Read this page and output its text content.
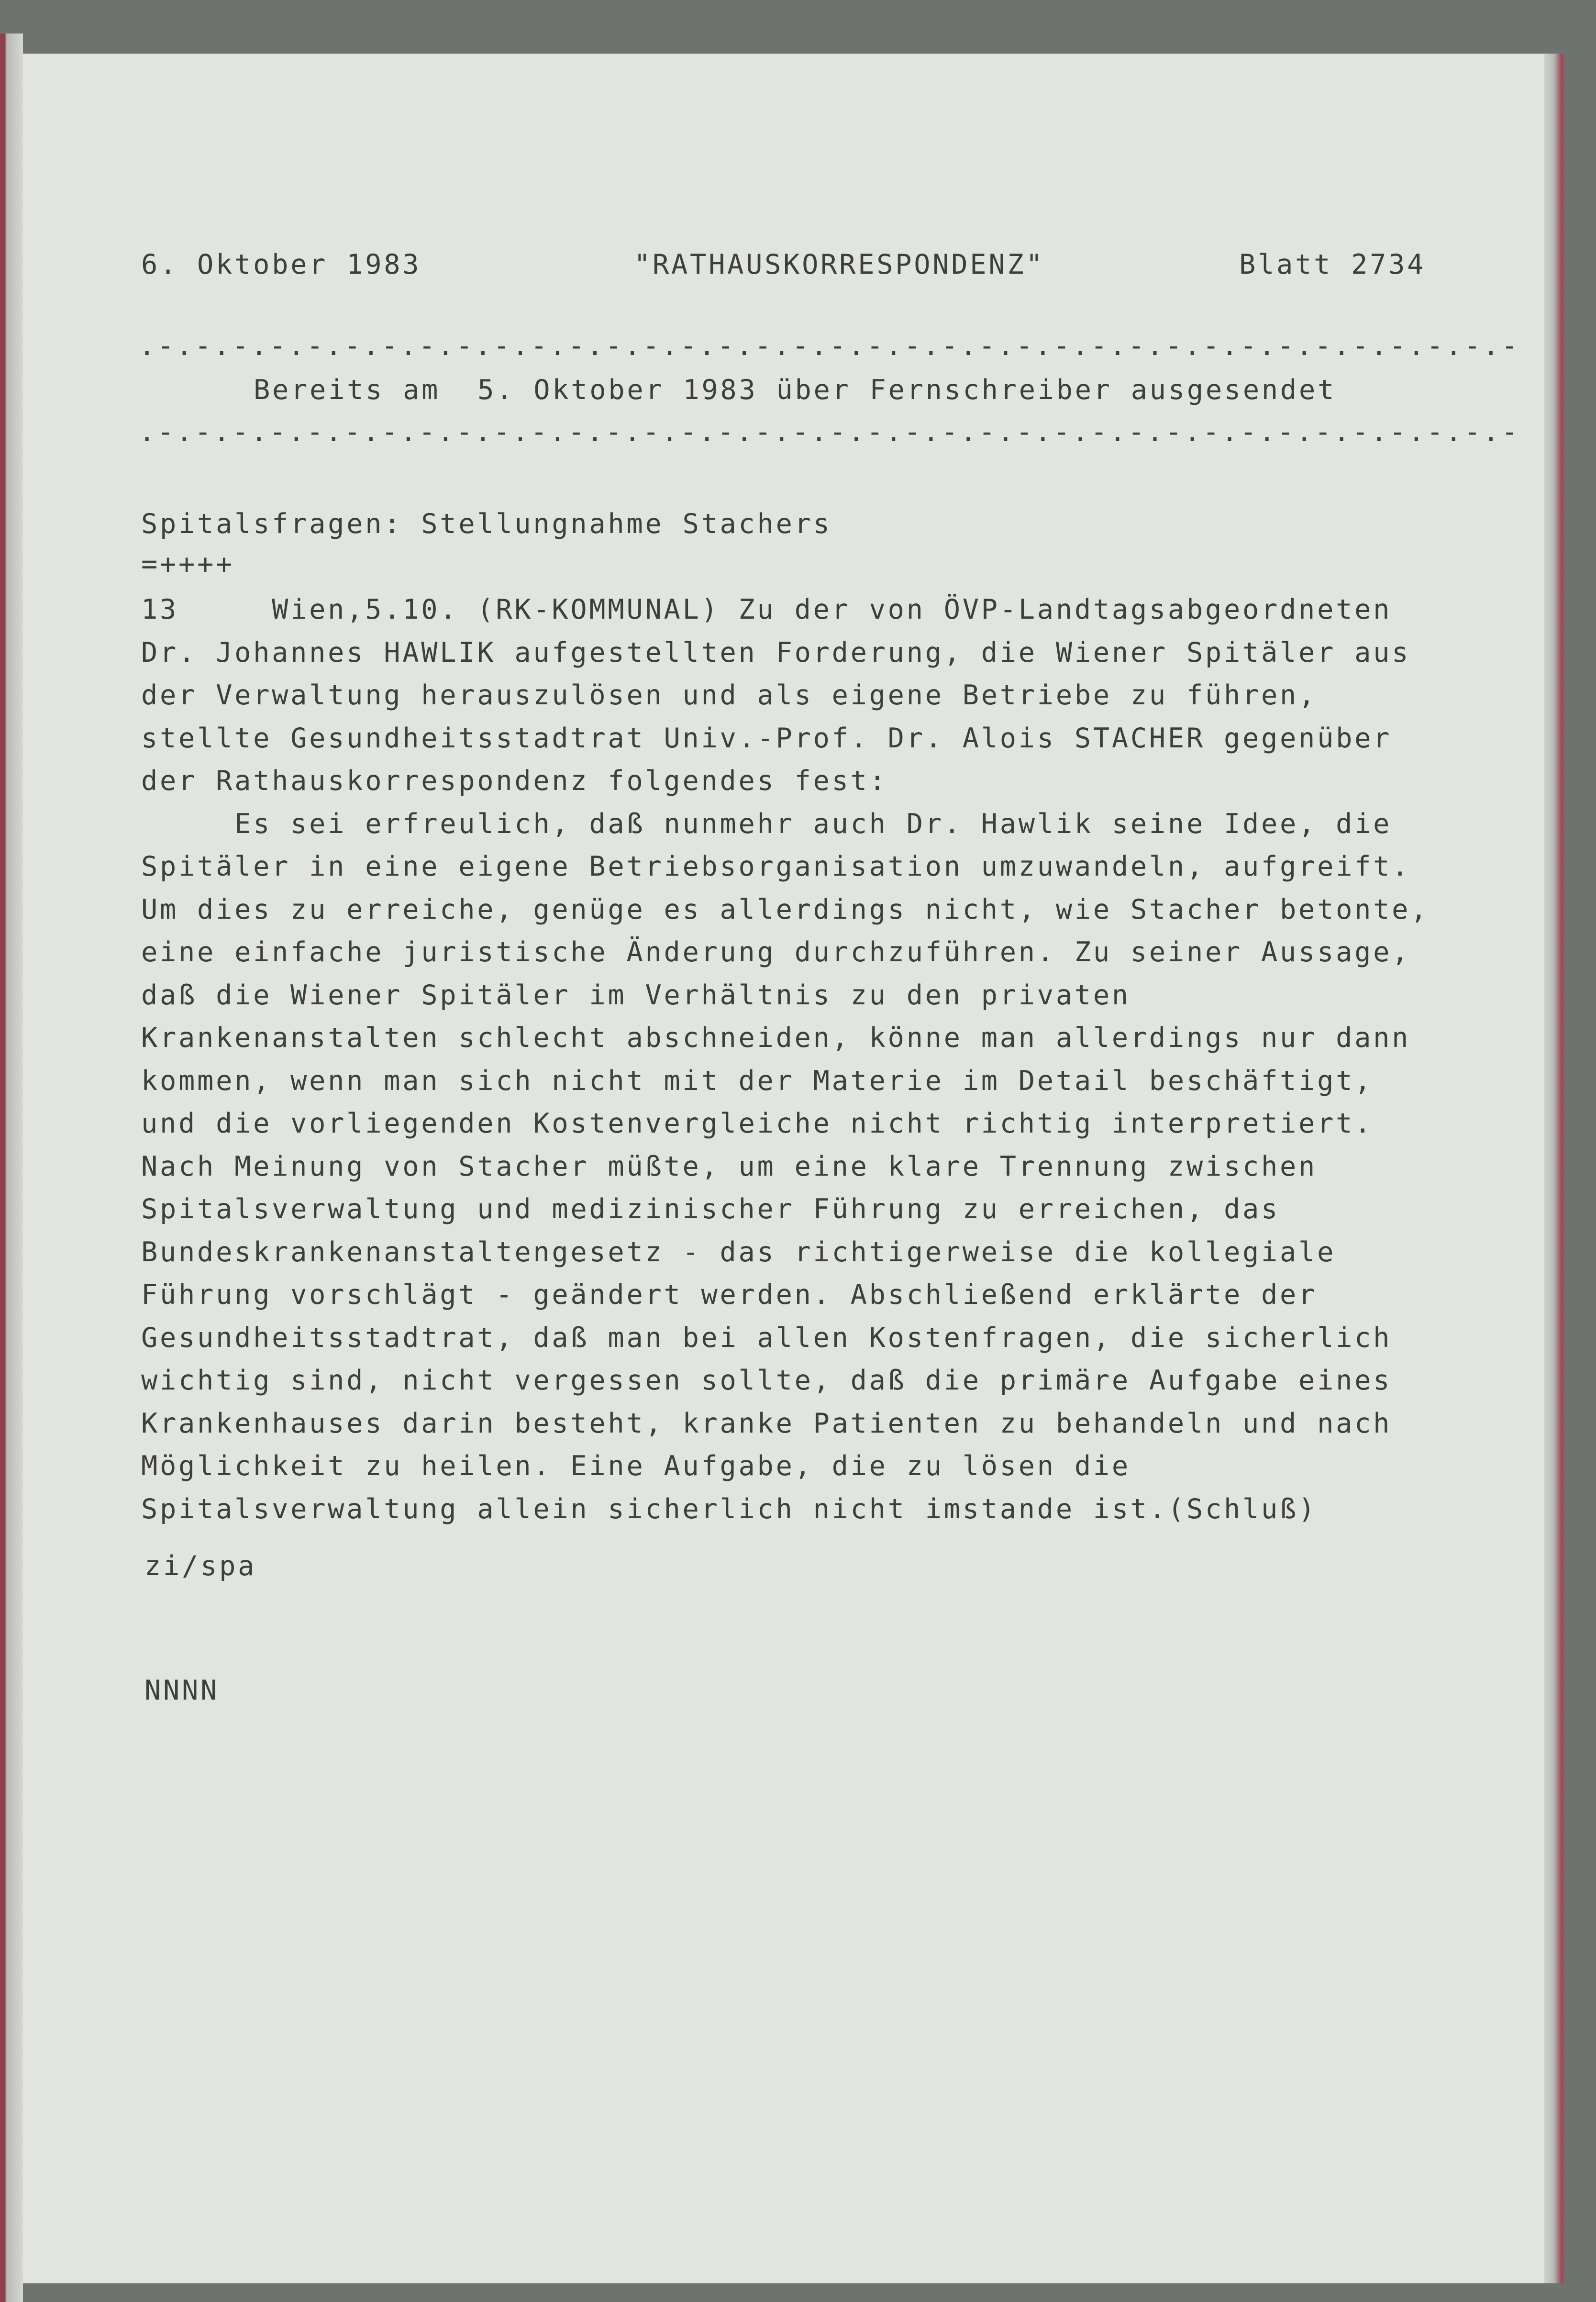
6. Oktober 1983	"RATHAUSKORRESPONDENZ"	Blatt 2734
.-.-.-.-.-.-.-.-.-.-.-.-.-.-.-.-.-.-.-.-.-.-.-.-.-.-.-.-.-.-.-.-.-.-.-.-.-
Bereits am  5. Oktober 1983 über Fernschreiber ausgesendet
.-.-.-.-.-.-.-.-.-.-.-.-.-.-.-.-.-.-.-.-.-.-.-.-.-.-.-.-.-.-.-.-.-.-.-.-.-
Spitalsfragen: Stellungnahme Stachers
=++++
13     Wien,5.10. (RK-KOMMUNAL) Zu der von ÖVP-Landtagsabgeordneten
Dr. Johannes HAWLIK aufgestellten Forderung, die Wiener Spitäler aus
der Verwaltung herauszulösen und als eigene Betriebe zu führen,
stellte Gesundheitsstadtrat Univ.-Prof. Dr. Alois STACHER gegenüber
der Rathauskorrespondenz folgendes fest:
Es sei erfreulich, daß nunmehr auch Dr. Hawlik seine Idee, die
Spitäler in eine eigene Betriebsorganisation umzuwandeln, aufgreift.
Um dies zu erreiche, genüge es allerdings nicht, wie Stacher betonte,
eine einfache juristische Änderung durchzuführen. Zu seiner Aussage,
daß die Wiener Spitäler im Verhältnis zu den privaten
Krankenanstalten schlecht abschneiden, könne man allerdings nur dann
kommen, wenn man sich nicht mit der Materie im Detail beschäftigt,
und die vorliegenden Kostenvergleiche nicht richtig interpretiert.
Nach Meinung von Stacher müßte, um eine klare Trennung zwischen
Spitalsverwaltung und medizinischer Führung zu erreichen, das
Bundeskrankenanstaltengesetz - das richtigerweise die kollegiale
Führung vorschlägt - geändert werden. Abschließend erklärte der
Gesundheitsstadtrat, daß man bei allen Kostenfragen, die sicherlich
wichtig sind, nicht vergessen sollte, daß die primäre Aufgabe eines
Krankenhauses darin besteht, kranke Patienten zu behandeln und nach
Möglichkeit zu heilen. Eine Aufgabe, die zu lösen die
Spitalsverwaltung allein sicherlich nicht imstande ist.(Schluß)
zi/spa
NNNN
